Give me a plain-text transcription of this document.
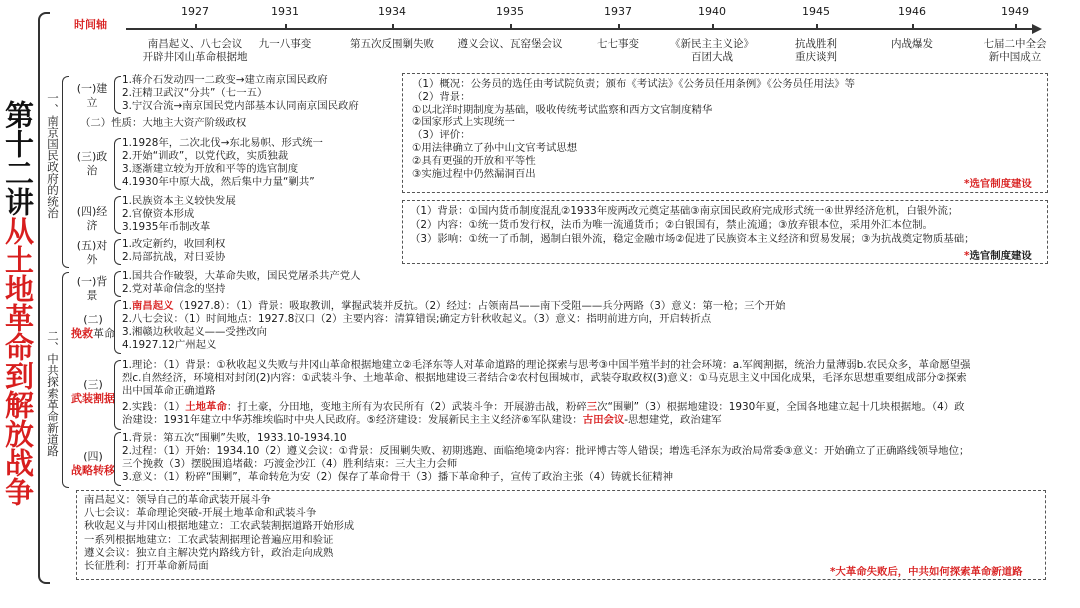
第十二讲
从土地革命到解放战争
时间轴
1927
南昌起义、八七会议
开辟井冈山革命根据地
1931
九一八事变
1934
第五次反围剿失败
1935
遵义会议、瓦窑堡会议
1937
七七事变
1940
《新民主主义论》
百团大战
1945
抗战胜利
重庆谈判
1946
内战爆发
1949
七届二中全会
新中国成立
一、南京国民政府的统治
(一)建立
1.蒋介石发动四一二政变→建立南京国民政府
2.汪精卫武汉“分共”（七一五）
3.宁汉合流→南京国民党内部基本认同南京国民政府
（二）性质：大地主大资产阶级政权
(三)政治
1.1928年，二次北伐→东北易帜、形式统一
2.开始“训政”，以党代政，实质独裁
3.逐渐建立较为开放和平等的选官制度
4.1930年中原大战，然后集中力量“剿共”
(四)经济
1.民族资本主义较快发展
2.官僚资本形成
3.1935年币制改革
(五)对外
1.改定新约，收回利权
2.局部抗战，对日妥协
（1）概况：公务员的选任由考试院负责；颁布《考试法》《公务员任用条例》《公务员任用法》等
（2）背景：
①以北洋时期制度为基础，吸收传统考试监察和西方文官制度精华
②国家形式上实现统一
（3）评价：
①用法律确立了孙中山文官考试思想
②具有更强的开放和平等性
③实施过程中仍然漏洞百出
*选官制度建设
（1）背景：①国内货币制度混乱②1933年废两改元奠定基础③南京国民政府完成形式统一④世界经济危机，白银外流；
（2）内容：①统一货币发行权，法币为唯一流通货币；②白银国有，禁止流通；③放弃银本位，采用外汇本位制。
（3）影响：①统一了币制，遏制白银外流，稳定金融市场②促进了民族资本主义经济和贸易发展；③为抗战奠定物质基础；
*选官制度建设
二、中共探索革命新道路
(一)背景
1.国共合作破裂，大革命失败，国民党屠杀共产党人
2.党对革命信念的坚持
(二)
挽救革命
1.南昌起义（1927.8）：（1）背景：吸取教训，掌握武装并反抗。（2）经过：占领南昌——南下受阻——兵分两路（3）意义：第一枪；三个开始
2.八七会议：（1）时间地点：1927.8汉口（2）主要内容：清算错误;确定方针秋收起义。（3）意义：指明前进方向，开启转折点
3.湘赣边秋收起义——受挫改向
4.1927.12广州起义
(三)
武装割据
1.理论：（1）背景：①秋收起义失败与井冈山革命根据地建立②毛泽东等人对革命道路的理论探索与思考③中国半殖半封的社会环境：a.军阀割据，统治力量薄弱b.农民众多，革命愿望强
烈c.自然经济，环境相对封闭(2)内容：①武装斗争、土地革命、根据地建设三者结合②农村包围城市，武装夺取政权(3)意义：①马克思主义中国化成果，毛泽东思想重要组成部分②探索
出中国革命正确道路
2.实践：（1）土地革命：打土豪，分田地，变地主所有为农民所有（2）武装斗争：开展游击战，粉碎三次“围剿”（3）根据地建设：1930年夏，全国各地建立起十几块根据地。（4）政
治建设：1931年建立中华苏维埃临时中央人民政府。⑤经济建设：发展新民主主义经济⑥军队建设：古田会议-思想建党，政治建军
(四)
战略转移
1.背景：第五次“围剿”失败，1933.10-1934.10
2.过程：（1）开始：1934.10（2）遵义会议：①背景：反围剿失败、初期逃跑、面临绝境②内容：批评博古等人错误；增选毛泽东为政治局常委③意义：开始确立了正确路线领导地位；
三个挽救（3）摆脱围追堵截：巧渡金沙江（4）胜利结束：三大主力会师
3.意义：（1）粉碎“围剿”，革命转危为安（2）保存了革命骨干（3）播下革命种子，宣传了政治主张（4）铸就长征精神
南昌起义：领导自己的革命武装开展斗争
八七会议：革命理论突破-开展土地革命和武装斗争
秋收起义与井冈山根据地建立：工农武装割据道路开始形成
一系列根据地建立：工农武装割据理论普遍应用和验证
遵义会议：独立自主解决党内路线方针，政治走向成熟
长征胜利：打开革命新局面	*大革命失败后，中共如何探索革命新道路
